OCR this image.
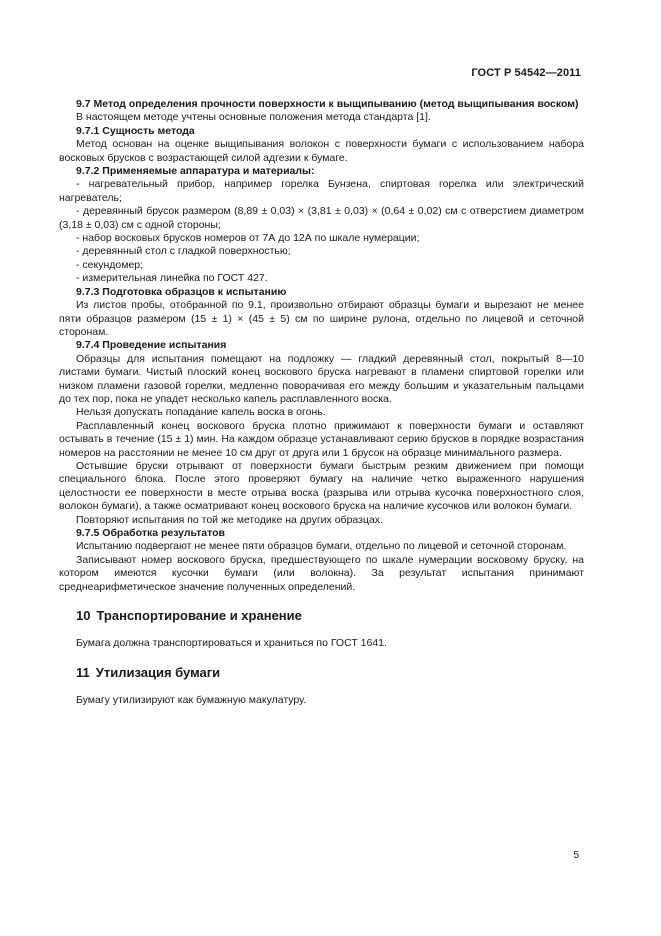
ГОСТ Р 54542—2011

9.7 Метод определения прочности поверхности к выщипыванию (метод выщипывания воском)

В настоящем методе учтены основные положения метода стандарта [1].

9.7.1 Сущность метода

Метод основан на оценке выщипывания волокон с поверхности бумаги с использованием набора восковых брусков с возрастающей силой адгезии к бумаге.

9.7.2 Применяемые аппаратура и материалы:

- нагревательный прибор, например горелка Бунзена, спиртовая горелка или электрический нагреватель;

- деревянный брусок размером (8,89 ± 0,03) × (3,81 ± 0,03) × (0,64 ± 0,02) см с отверстием диаметром (3,18 ± 0,03) см с одной стороны;

- набор восковых брусков номеров от 7А до 12А по шкале нумерации;

- деревянный стол с гладкой поверхностью;

- секундомер;

- измерительная линейка по ГОСТ 427.

9.7.3 Подготовка образцов к испытанию

Из листов пробы, отобранной по 9.1, произвольно отбирают образцы бумаги и вырезают не менее пяти образцов размером (15 ± 1) × (45 ± 5) см по ширине рулона, отдельно по лицевой и сеточной сторонам.

9.7.4 Проведение испытания

Образцы для испытания помещают на подложку — гладкий деревянный стол, покрытый 8—10 листами бумаги. Чистый плоский конец воскового бруска нагревают в пламени спиртовой горелки или низком пламени газовой горелки, медленно поворачивая его между большим и указательным пальцами до тех пор, пока не упадет несколько капель расплавленного воска.

Нельзя допускать попадание капель воска в огонь.

Расплавленный конец воскового бруска плотно прижимают к поверхности бумаги и оставляют остывать в течение (15 ± 1) мин. На каждом образце устанавливают серию брусков в порядке возрастания номеров на расстоянии не менее 10 см друг от друга или 1 брусок на образце минимального размера.

Остывшие бруски отрывают от поверхности бумаги быстрым резким движением при помощи специального блока. После этого проверяют бумагу на наличие четко выраженного нарушения целостности ее поверхности в месте отрыва воска (разрыва или отрыва кусочка поверхностного слоя, волокон бумаги), а также осматривают конец воскового бруска на наличие кусочков или волокон бумаги.

Повторяют испытания по той же методике на других образцах.

9.7.5 Обработка результатов

Испытанию подвергают не менее пяти образцов бумаги, отдельно по лицевой и сеточной сторонам.

Записывают номер воскового бруска, предшествующего по шкале нумерации восковому бруску, на котором имеются кусочки бумаги (или волокна). За результат испытания принимают среднеарифметическое значение полученных определений.

10 Транспортирование и хранение

Бумага должна транспортироваться и храниться по ГОСТ 1641.

11 Утилизация бумаги

Бумагу утилизируют как бумажную макулатуру.

5
